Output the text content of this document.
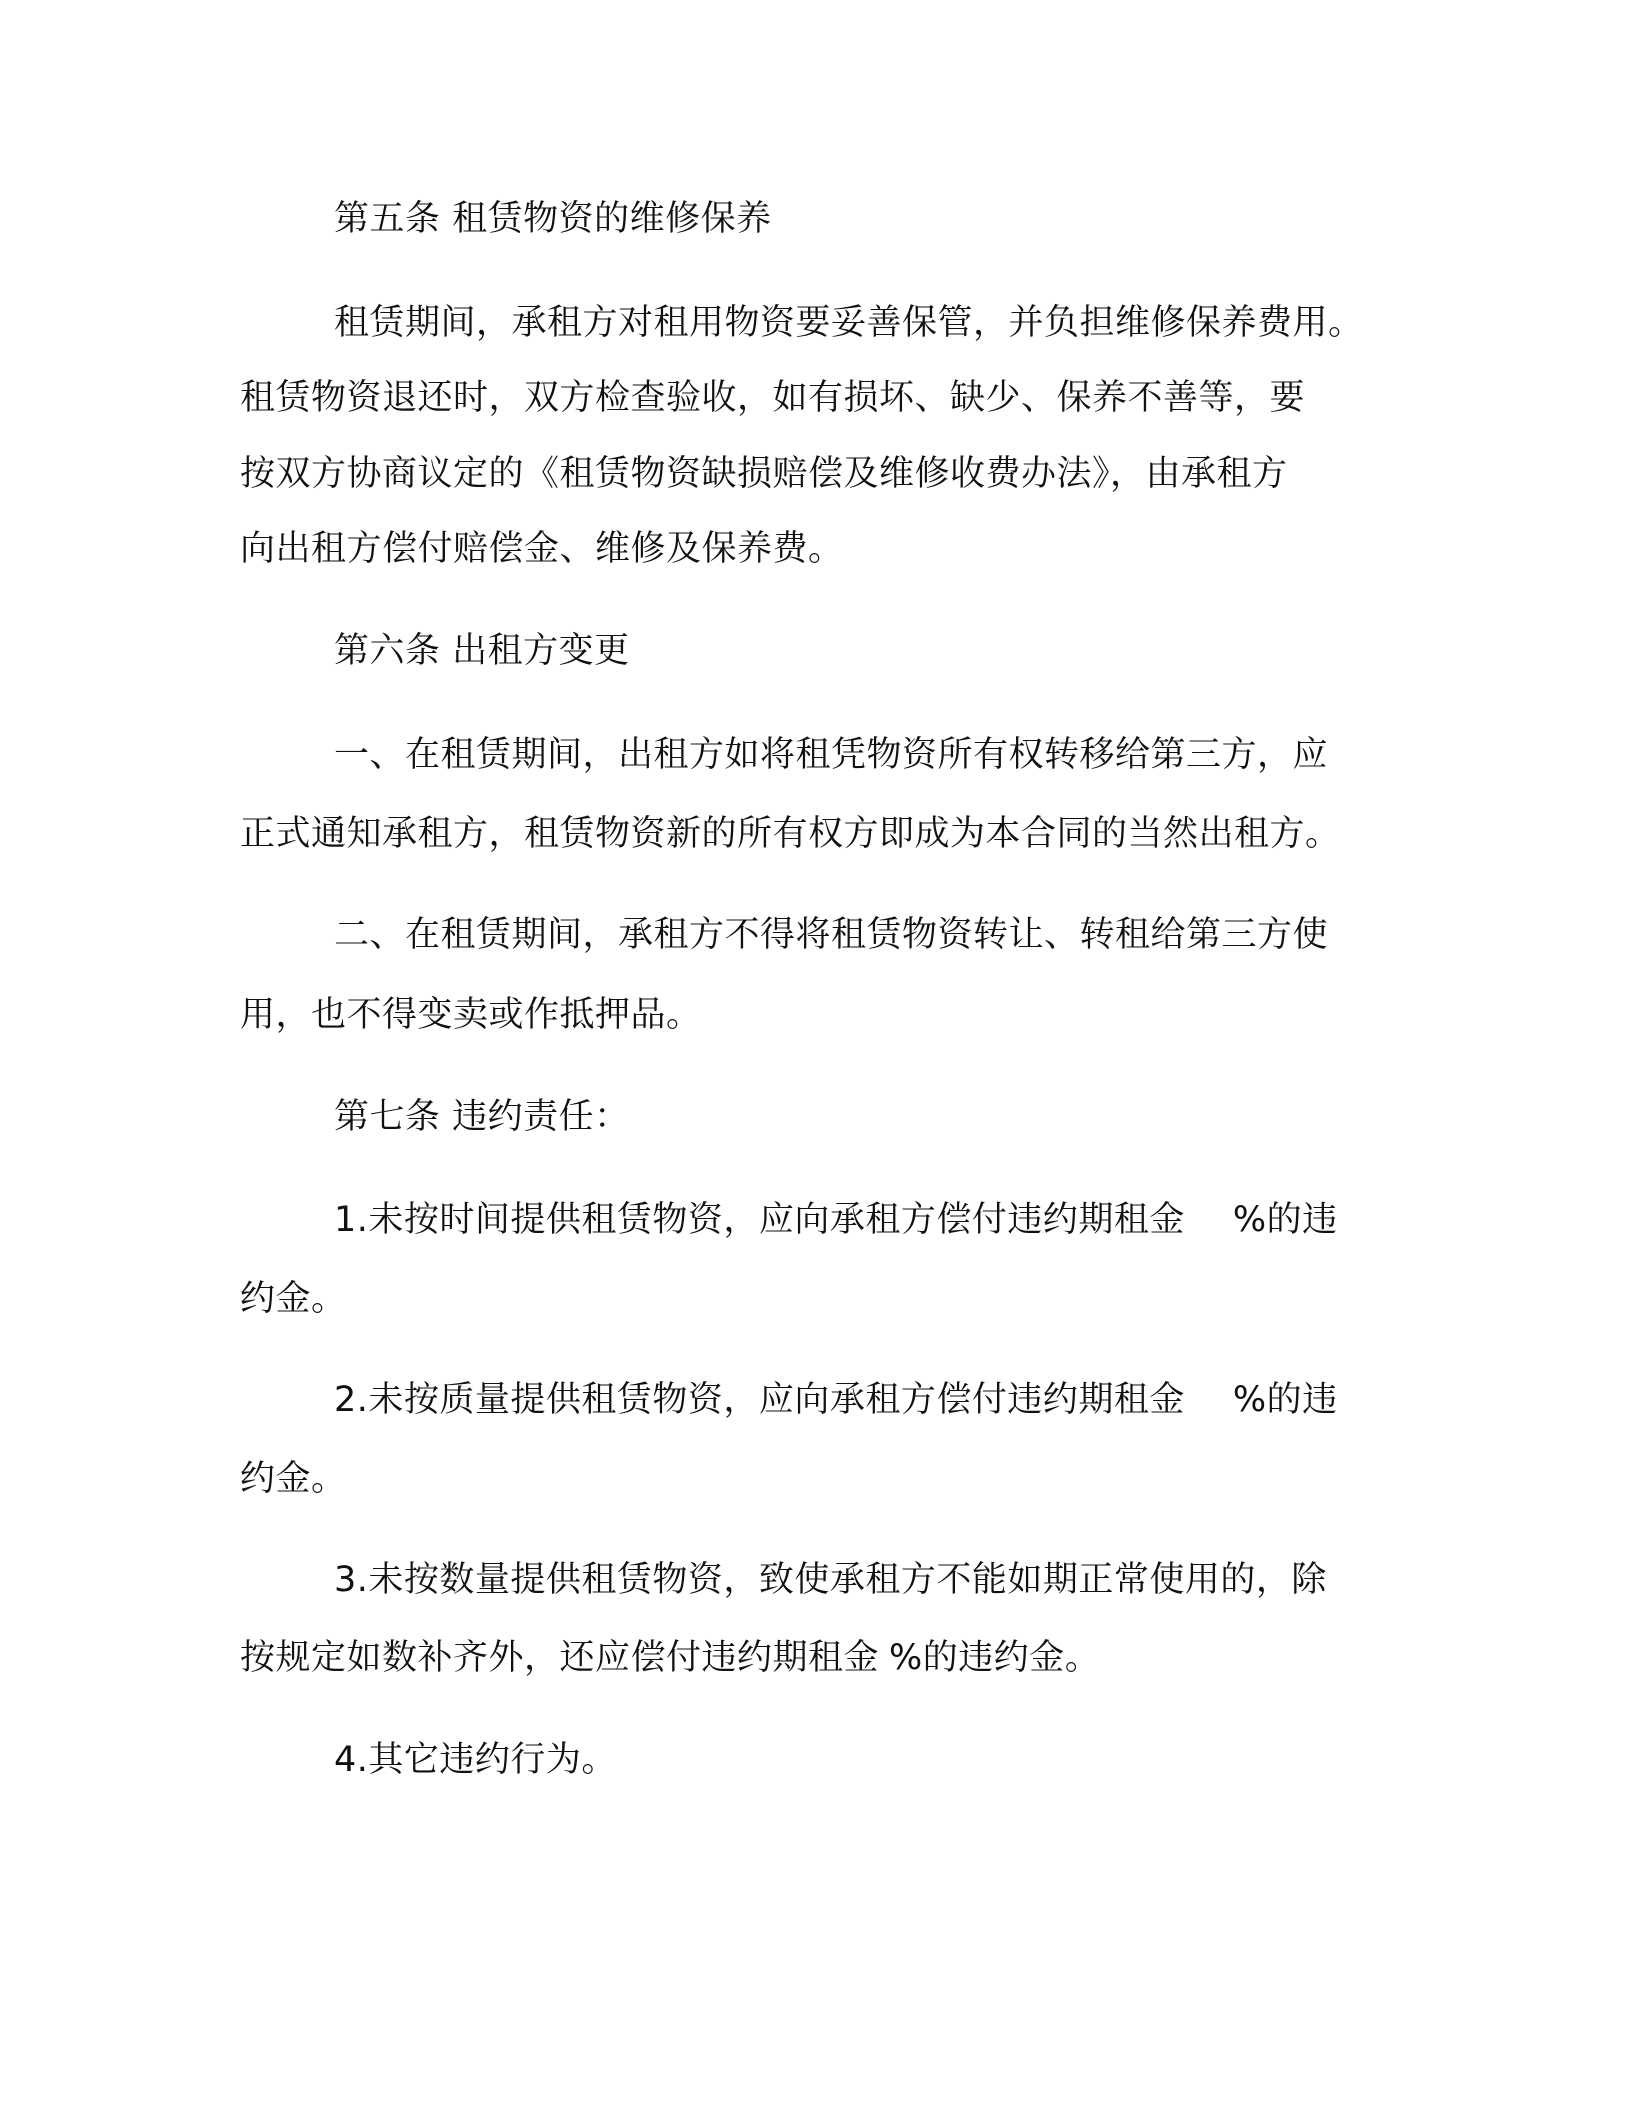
第五条 租赁物资的维修保养

租赁期间，承租方对租用物资要妥善保管，并负担维修保养费用。

租赁物资退还时，双方检查验收，如有损坏、缺少、保养不善等，要

按双方协商议定的《租赁物资缺损赔偿及维修收费办法》，由承租方

向出租方偿付赔偿金、维修及保养费。

第六条 出租方变更

一、在租赁期间，出租方如将租凭物资所有权转移给第三方，应

正式通知承租方，租赁物资新的所有权方即成为本合同的当然出租方。

二、在租赁期间，承租方不得将租赁物资转让、转租给第三方使

用，也不得变卖或作抵押品。

第七条 违约责任：

1.未按时间提供租赁物资，应向承租方偿付违约期租金 %的违

约金。

2.未按质量提供租赁物资，应向承租方偿付违约期租金 %的违

约金。

3.未按数量提供租赁物资，致使承租方不能如期正常使用的，除

按规定如数补齐外，还应偿付违约期租金 %的违约金。

4.其它违约行为。
